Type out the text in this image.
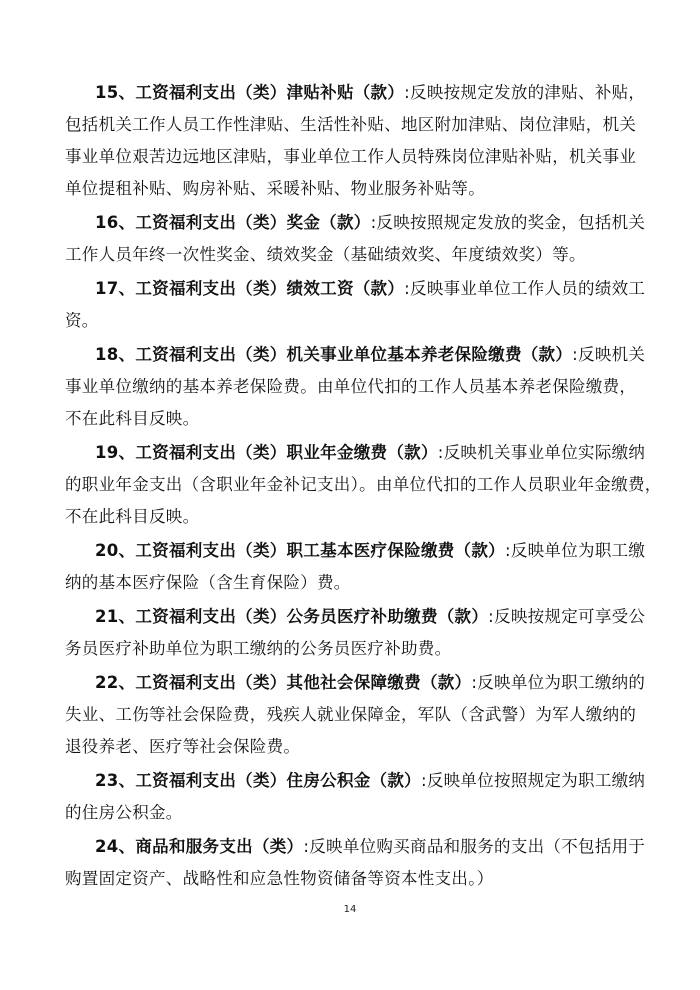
15、工资福利支出（类）津贴补贴（款）:反映按规定发放的津贴、补贴，
包括机关工作人员工作性津贴、生活性补贴、地区附加津贴、岗位津贴，机关
事业单位艰苦边远地区津贴，事业单位工作人员特殊岗位津贴补贴，机关事业
单位提租补贴、购房补贴、采暖补贴、物业服务补贴等。
16、工资福利支出（类）奖金（款）:反映按照规定发放的奖金，包括机关
工作人员年终一次性奖金、绩效奖金（基础绩效奖、年度绩效奖）等。
17、工资福利支出（类）绩效工资（款）:反映事业单位工作人员的绩效工
资。
18、工资福利支出（类）机关事业单位基本养老保险缴费（款）:反映机关
事业单位缴纳的基本养老保险费。由单位代扣的工作人员基本养老保险缴费，
不在此科目反映。
19、工资福利支出（类）职业年金缴费（款）:反映机关事业单位实际缴纳
的职业年金支出（含职业年金补记支出）。由单位代扣的工作人员职业年金缴费，
不在此科目反映。
20、工资福利支出（类）职工基本医疗保险缴费（款）:反映单位为职工缴
纳的基本医疗保险（含生育保险）费。
21、工资福利支出（类）公务员医疗补助缴费（款）:反映按规定可享受公
务员医疗补助单位为职工缴纳的公务员医疗补助费。
22、工资福利支出（类）其他社会保障缴费（款）:反映单位为职工缴纳的
失业、工伤等社会保险费，残疾人就业保障金，军队（含武警）为军人缴纳的
退役养老、医疗等社会保险费。
23、工资福利支出（类）住房公积金（款）:反映单位按照规定为职工缴纳
的住房公积金。
24、商品和服务支出（类）:反映单位购买商品和服务的支出（不包括用于
购置固定资产、战略性和应急性物资储备等资本性支出。）
14
